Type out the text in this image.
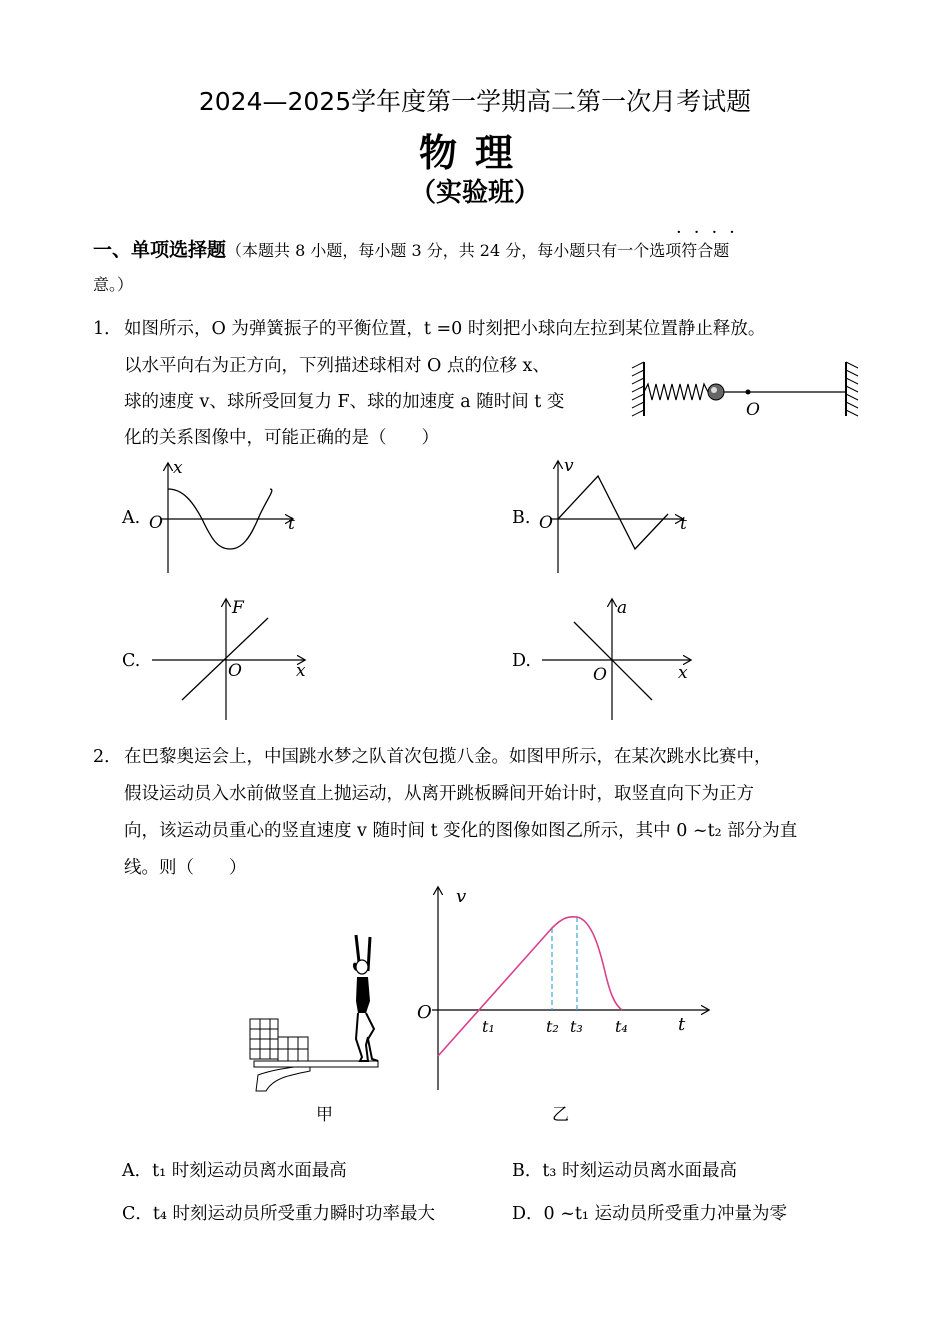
2024—2025学年度第一学期高二第一次月考试题
物理
（实验班）
····
一、单项选择题（本题共 8 小题，每小题 3 分，共 24 分，每小题只有一个选项符合题
意。）
1． 如图所示，O 为弹簧振子的平衡位置，t =0 时刻把小球向左拉到某位置静止释放。
以水平向右为正方向，下列描述球相对 O 点的位移 x、
球的速度 v、球所受回复力 F、球的加速度 a 随时间 t 变
化的关系图像中，可能正确的是（　　）
O
A.
x
t
O	B.
v
t
O
C.
F
x
O	D.
a
x
O
2． 在巴黎奥运会上，中国跳水梦之队首次包揽八金。如图甲所示，在某次跳水比赛中，
假设运动员入水前做竖直上抛运动，从离开跳板瞬间开始计时，取竖直向下为正方
向，该运动员重心的竖直速度 v 随时间 t 变化的图像如图乙所示，其中 0 ~t₂ 部分为直
线。则（　　）
甲
v
t
O
t₁	t₂ t₃ t₄
乙
A．t₁ 时刻运动员离水面最高	B．t₃ 时刻运动员离水面最高
C．t₄ 时刻运动员所受重力瞬时功率最大	D．0 ~t₁ 运动员所受重力冲量为零
